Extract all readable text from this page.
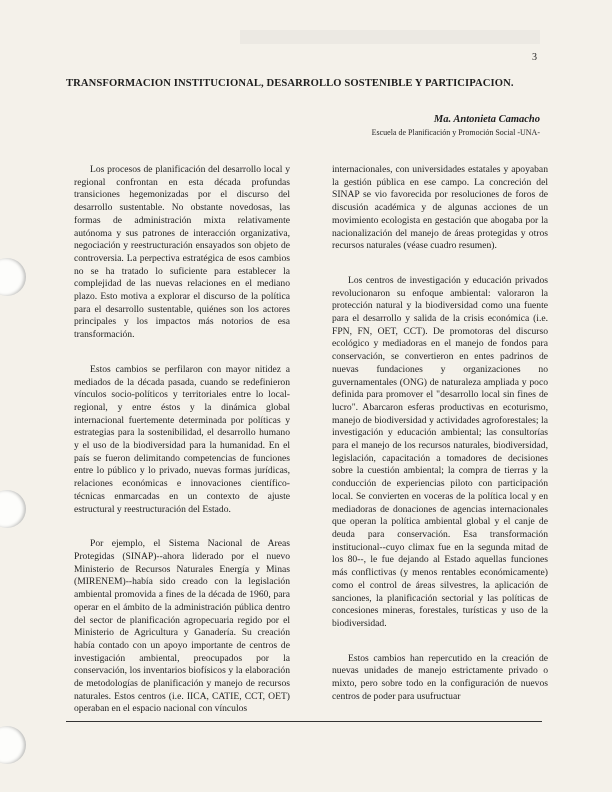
3
TRANSFORMACION INSTITUCIONAL, DESARROLLO SOSTENIBLE Y PARTICIPACION.
Ma. Antonieta Camacho
Escuela de Planificación y Promoción Social -UNA-

Los procesos de planificación del desarrollo local y regional confrontan en esta década profundas transiciones hegemonizadas por el discurso del desarrollo sustentable. No obstante novedosas, las formas de administración mixta relativamente autónoma y sus patrones de interacción organizativa, negociación y reestructuración ensayados son objeto de controversia. La perpectiva estratégica de esos cambios no se ha tratado lo suficiente para establecer la complejidad de las nuevas relaciones en el mediano plazo. Esto motiva a explorar el discurso de la política para el desarrollo sustentable, quiénes son los actores principales y los impactos más notorios de esa transformación.

Estos cambios se perfilaron con mayor nitidez a mediados de la década pasada, cuando se redefinieron vínculos socio-políticos y territoriales entre lo local-regional, y entre éstos y la dinámica global internacional fuertemente determinada por políticas y estrategias para la sostenibilidad, el desarrollo humano y el uso de la biodiversidad para la humanidad. En el país se fueron delimitando competencias de funciones entre lo público y lo privado, nuevas formas jurídicas, relaciones económicas e innovaciones científico-técnicas enmarcadas en un contexto de ajuste estructural y reestructuración del Estado.

Por ejemplo, el Sistema Nacional de Areas Protegidas (SINAP)--ahora liderado por el nuevo Ministerio de Recursos Naturales Energía y Minas (MIRENEM)--había sido creado con la legislación ambiental promovida a fines de la década de 1960, para operar en el ámbito de la administración pública dentro del sector de planificación agropecuaria regido por el Ministerio de Agricultura y Ganadería. Su creación había contado con un apoyo importante de centros de investigación ambiental, preocupados por la conservación, los inventarios biofísicos y la elaboración de metodologías de planificación y manejo de recursos naturales. Estos centros (i.e. IICA, CATIE, CCT, OET) operaban en el espacio nacional con vínculos

internacionales, con universidades estatales y apoyaban la gestión pública en ese campo. La concreción del SINAP se vio favorecida por resoluciones de foros de discusión académica y de algunas acciones de un movimiento ecologista en gestación que abogaba por la nacionalización del manejo de áreas protegidas y otros recursos naturales (véase cuadro resumen).

Los centros de investigación y educación privados revolucionaron su enfoque ambiental: valoraron la protección natural y la biodiversidad como una fuente para el desarrollo y salida de la crisis económica (i.e. FPN, FN, OET, CCT). De promotoras del discurso ecológico y mediadoras en el manejo de fondos para conservación, se convertieron en entes padrinos de nuevas fundaciones y organizaciones no guvernamentales (ONG) de naturaleza ampliada y poco definida para promover el "desarrollo local sin fines de lucro". Abarcaron esferas productivas en ecoturismo, manejo de biodiversidad y actividades agroforestales; la investigación y educación ambiental; las consultorías para el manejo de los recursos naturales, biodiversidad, legislación, capacitación a tomadores de decisiones sobre la cuestión ambiental; la compra de tierras y la conducción de experiencias piloto con participación local. Se convierten en voceras de la política local y en mediadoras de donaciones de agencias internacionales que operan la política ambiental global y el canje de deuda para conservación. Esa transformación institucional--cuyo climax fue en la segunda mitad de los 80--, le fue dejando al Estado aquellas funciones más conflictivas (y menos rentables económicamente) como el control de áreas silvestres, la aplicación de sanciones, la planificación sectorial y las políticas de concesiones mineras, forestales, turísticas y uso de la biodiversidad.

Estos cambios han repercutido en la creación de nuevas unidades de manejo estrictamente privado o mixto, pero sobre todo en la configuración de nuevos centros de poder para usufructuar
